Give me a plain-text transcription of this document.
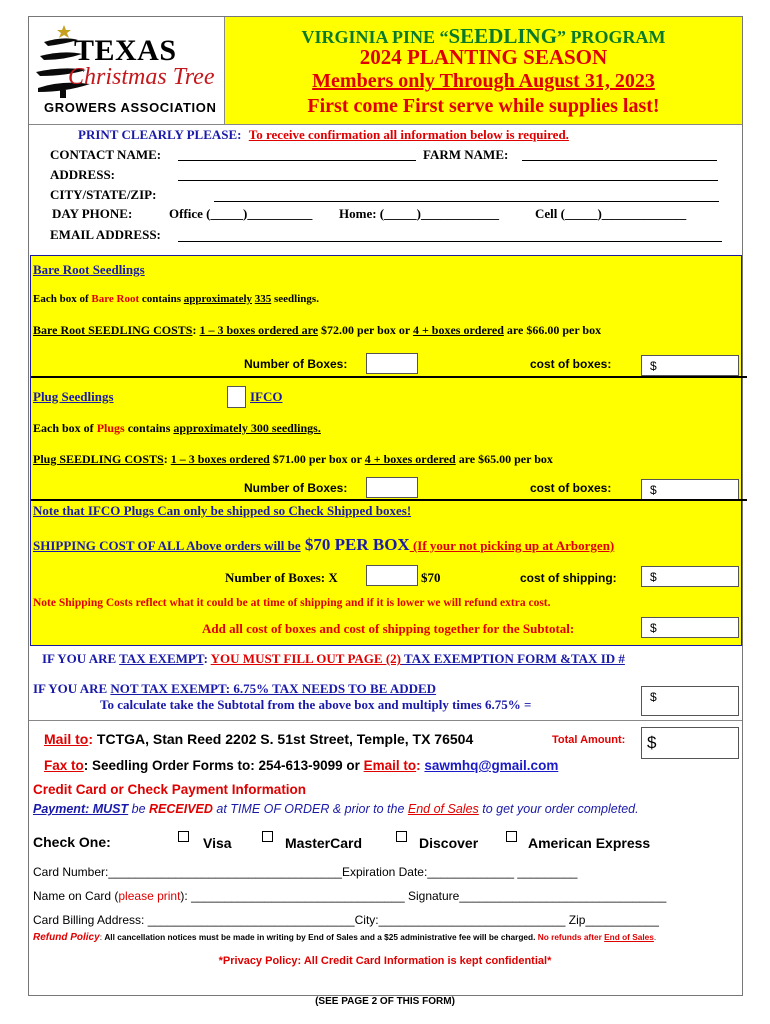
TEXAS
Christmas Tree
GROWERS ASSOCIATION
VIRGINIA PINE “SEEDLING” PROGRAM
2024 PLANTING SEASON
Members only Through August 31, 2023
First come First serve while supplies last!
PRINT CLEARLY PLEASE: To receive confirmation all information below is required.
CONTACT NAME:	FARM NAME:
ADDRESS:
CITY/STATE/ZIP:
DAY PHONE:	Office (_____)__________ Home: (_____)____________	Cell (_____)_____________
EMAIL ADDRESS:
Bare Root Seedlings
Each box of Bare Root contains approximately 335 seedlings.
Bare Root SEEDLING COSTS: 1 – 3 boxes ordered are $72.00 per box or 4 + boxes ordered are $66.00 per box
Number of Boxes:	cost of boxes:	$
Plug Seedlings	IFCO
Each box of Plugs contains approximately 300 seedlings.
Plug SEEDLING COSTS: 1 – 3 boxes ordered $71.00 per box or 4 + boxes ordered are $65.00 per box
Number of Boxes:	cost of boxes:	$
Note that IFCO Plugs Can only be shipped so Check Shipped boxes!
SHIPPING COST OF ALL Above orders will be $70 PER BOX (If your not picking up at Arborgen)
Number of Boxes: X	$70	cost of shipping:	$
Note Shipping Costs reflect what it could be at time of shipping and if it is lower we will refund extra cost.
Add all cost of boxes and cost of shipping together for the Subtotal:	$
IF YOU ARE TAX EXEMPT: YOU MUST FILL OUT PAGE (2) TAX EXEMPTION FORM &TAX ID #
IF YOU ARE NOT TAX EXEMPT: 6.75% TAX NEEDS TO BE ADDED
To calculate take the Subtotal from the above box and multiply times 6.75% =	$
Mail to: TCTGA, Stan Reed 2202 S. 51st Street, Temple, TX 76504	Total Amount: $
Fax to: Seedling Order Forms to: 254-613-9099 or Email to: sawmhq@gmail.com
Credit Card or Check Payment Information
Payment: MUST be RECEIVED at TIME OF ORDER & prior to the End of Sales to get your order completed.
Check One:	Visa	MasterCard	Discover	American Express
Card Number:___________________________________Expiration Date:_____________ _________
Name on Card (please print): ________________________________ Signature_______________________________
Card Billing Address: _______________________________City:____________________________ Zip___________
Refund Policy: All cancellation notices must be made in writing by End of Sales and a $25 administrative fee will be charged. No refunds after End of Sales.
*Privacy Policy: All Credit Card Information is kept confidential*
(SEE PAGE 2 OF THIS FORM)
